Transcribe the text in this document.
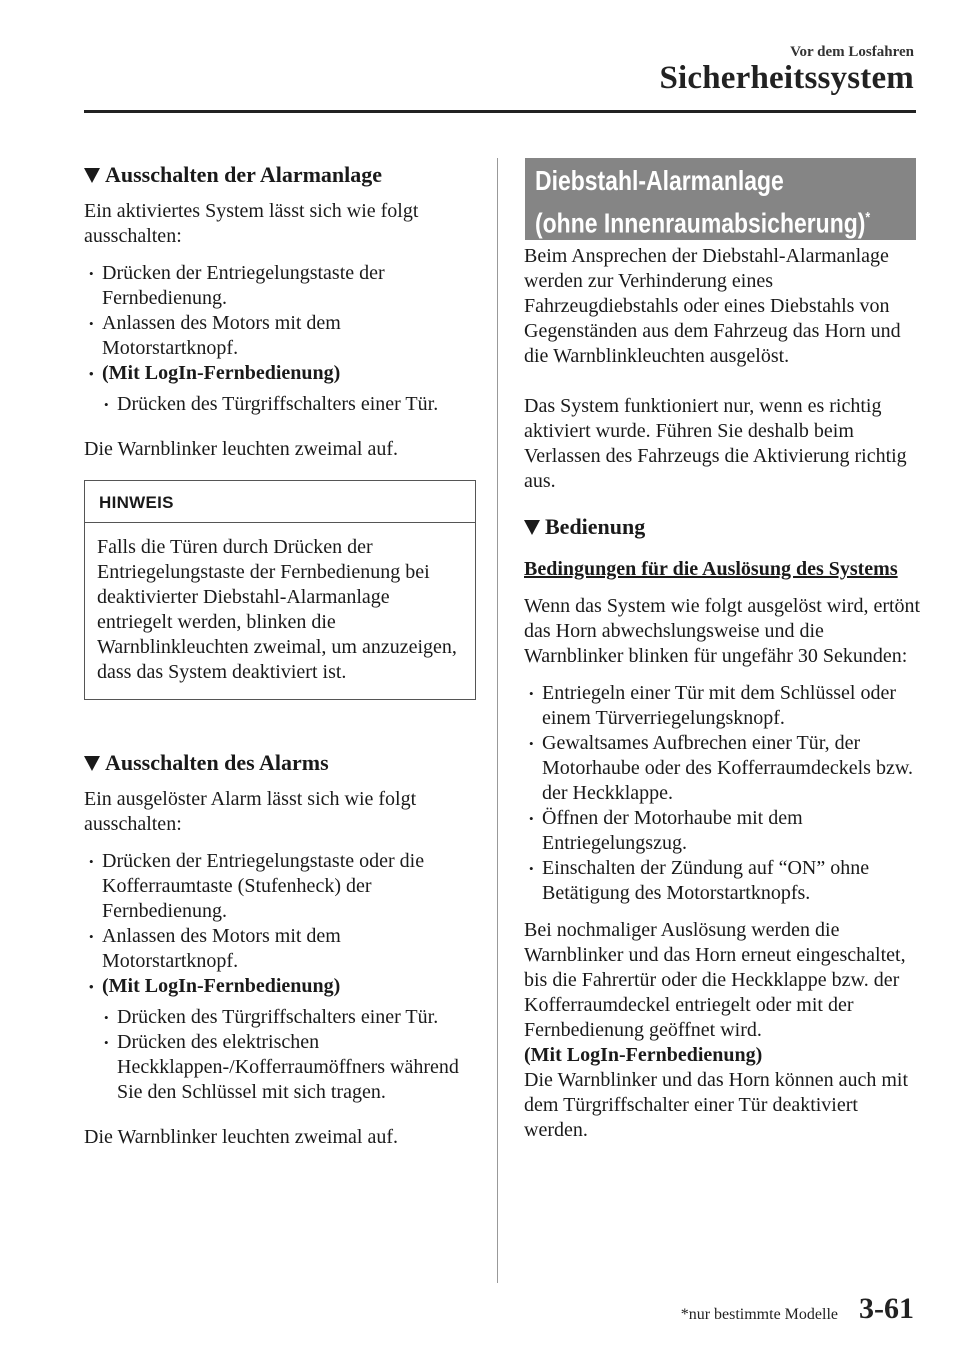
Vor dem Losfahren
Sicherheitssystem
Ausschalten der Alarmanlage

Ein aktiviertes System lässt sich wie folgt ausschalten:

• Drücken der Entriegelungstaste der Fernbedienung.
• Anlassen des Motors mit dem Motorstartknopf.
• (Mit LogIn-Fernbedienung)
• Drücken des Türgriffschalters einer Tür.

Die Warnblinker leuchten zweimal auf.

HINWEIS
Falls die Türen durch Drücken der Entriegelungstaste der Fernbedienung bei deaktivierter Diebstahl-Alarmanlage entriegelt werden, blinken die Warnblinkleuchten zweimal, um anzuzeigen, dass das System deaktiviert ist.
Ausschalten des Alarms

Ein ausgelöster Alarm lässt sich wie folgt ausschalten:

• Drücken der Entriegelungstaste oder die Kofferraumtaste (Stufenheck) der Fernbedienung.
• Anlassen des Motors mit dem Motorstartknopf.
• (Mit LogIn-Fernbedienung)
• Drücken des Türgriffschalters einer Tür.
• Drücken des elektrischen Heckklappen-/Kofferraumöffners während Sie den Schlüssel mit sich tragen.

Die Warnblinker leuchten zweimal auf.

Diebstahl-Alarmanlage
(ohne Innenraumabsicherung)*

Beim Ansprechen der Diebstahl-Alarmanlage werden zur Verhinderung eines Fahrzeugdiebstahls oder eines Diebstahls von Gegenständen aus dem Fahrzeug das Horn und die Warnblinkleuchten ausgelöst.

Das System funktioniert nur, wenn es richtig aktiviert wurde. Führen Sie deshalb beim Verlassen des Fahrzeugs die Aktivierung richtig aus.

Bedienung

Bedingungen für die Auslösung des Systems

Wenn das System wie folgt ausgelöst wird, ertönt das Horn abwechslungsweise und die Warnblinker blinken für ungefähr 30 Sekunden:

• Entriegeln einer Tür mit dem Schlüssel oder einem Türverriegelungsknopf.
• Gewaltsames Aufbrechen einer Tür, der Motorhaube oder des Kofferraumdeckels bzw. der Heckklappe.
• Öffnen der Motorhaube mit dem Entriegelungszug.
• Einschalten der Zündung auf “ON” ohne Betätigung des Motorstartknopfs.

Bei nochmaliger Auslösung werden die Warnblinker und das Horn erneut eingeschaltet, bis die Fahrertür oder die Heckklappe bzw. der Kofferraumdeckel entriegelt oder mit der Fernbedienung geöffnet wird.

(Mit LogIn-Fernbedienung)

Die Warnblinker und das Horn können auch mit dem Türgriffschalter einer Tür deaktiviert werden.

*nur bestimmte Modelle 3-61
